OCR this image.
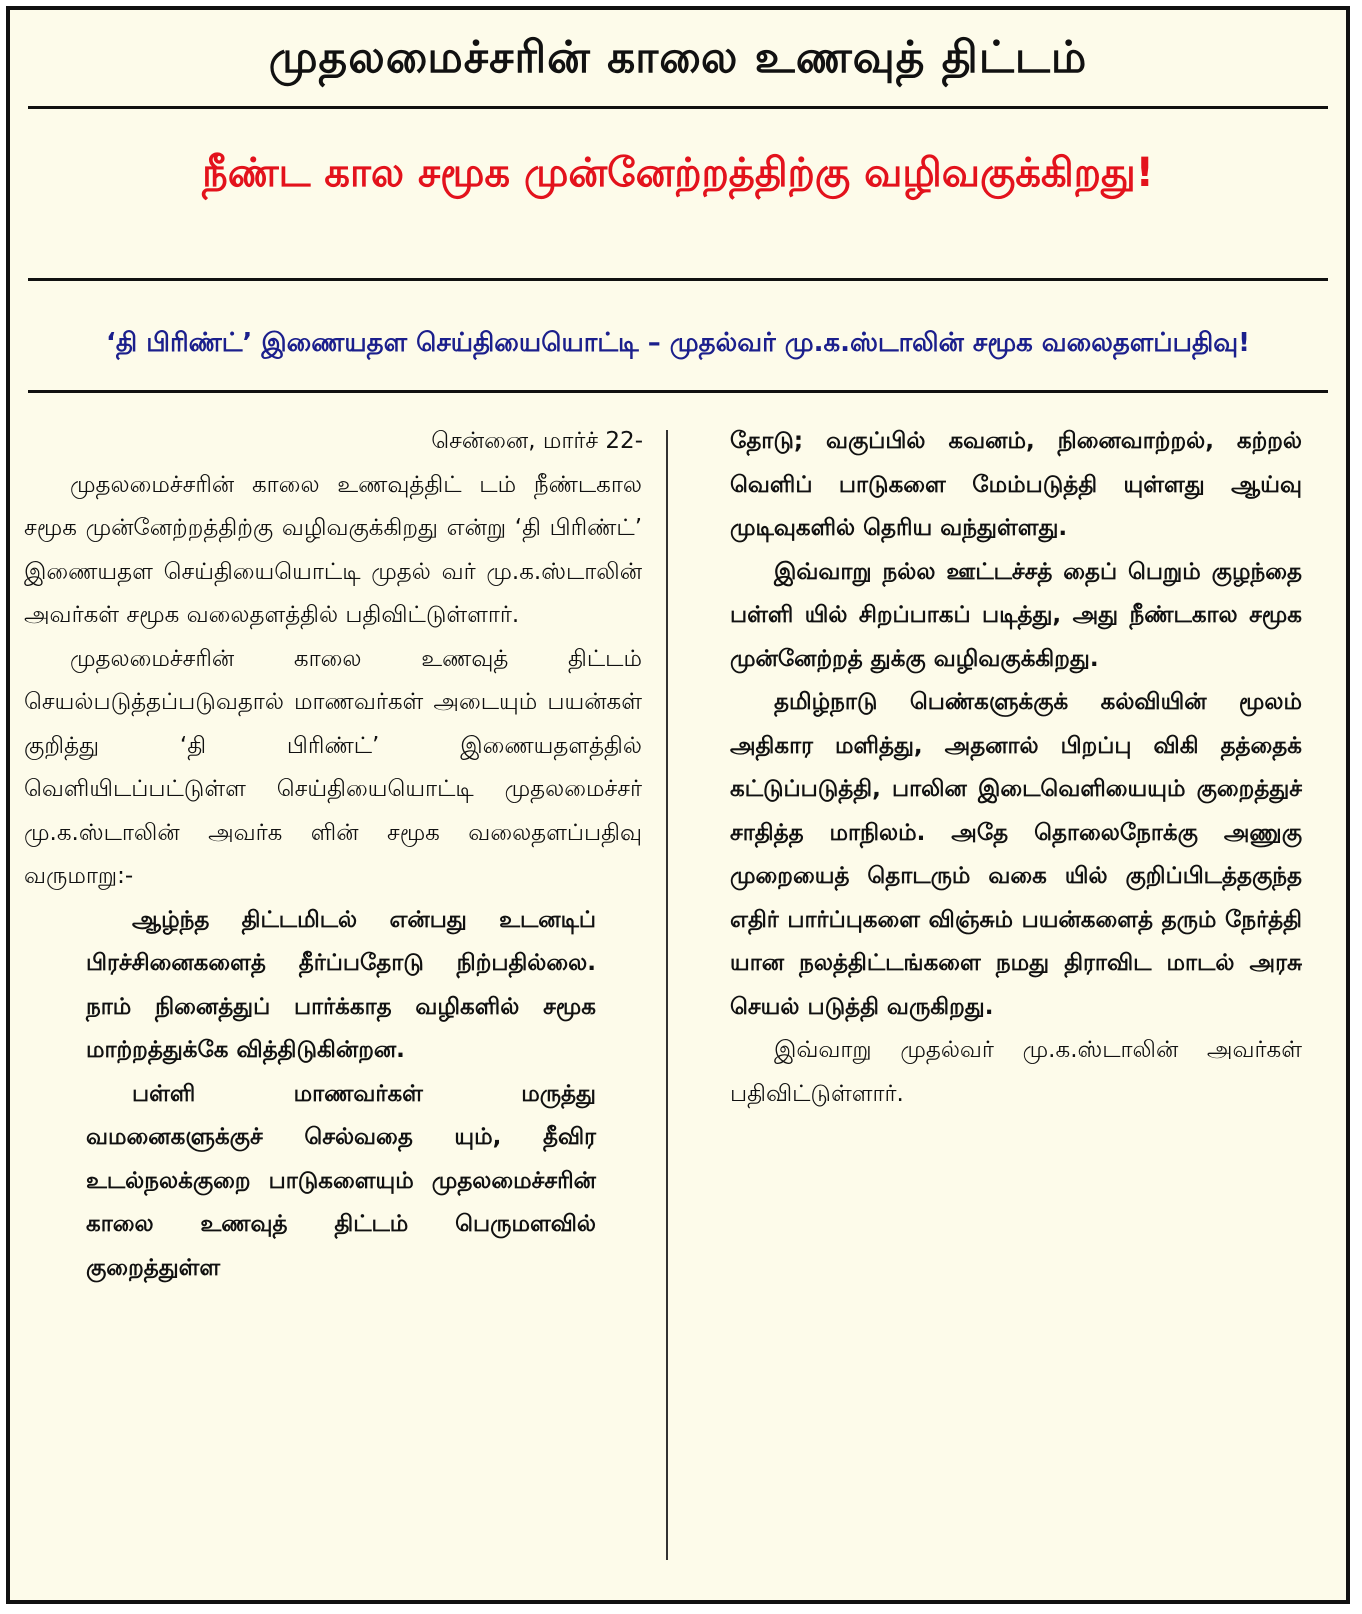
முதலமைச்சரின் காலை உணவுத் திட்டம்
நீண்ட கால சமூக முன்னேற்றத்திற்கு வழிவகுக்கிறது!
‘தி பிரிண்ட்’ இணையதள செய்தியையொட்டி – முதல்வர் மு.க.ஸ்டாலின் சமூக வலைதளப்பதிவு!

சென்னை, மார்ச் 22-

முதலமைச்சரின் காலை உணவுத்திட் டம் நீண்டகால சமூக முன்னேற்றத்திற்கு வழிவகுக்கிறது என்று ‘தி பிரிண்ட்’ இணையதள செய்தியையொட்டி முதல் வர் மு.க.ஸ்டாலின் அவர்கள் சமூக வலைதளத்தில் பதிவிட்டுள்ளார்.

முதலமைச்சரின் காலை உணவுத் திட்டம் செயல்படுத்தப்படுவதால் மாணவர்கள் அடையும் பயன்கள் குறித்து ‘தி பிரிண்ட்’ இணையதளத்தில் வெளியிடப்பட்டுள்ள செய்தியையொட்டி முதலமைச்சர் மு.க.ஸ்டாலின் அவர்க ளின் சமூக வலைதளப்பதிவு வருமாறு:-

ஆழ்ந்த திட்டமிடல் என்பது உடனடிப் பிரச்சினைகளைத் தீர்ப்பதோடு நிற்பதில்லை. நாம் நினைத்துப் பார்க்காத வழிகளில் சமூக மாற்றத்துக்கே வித்திடுகின்றன.

பள்ளி மாணவர்கள் மருத்து வமனைகளுக்குச் செல்வதை யும், தீவிர உடல்நலக்குறை பாடுகளையும் முதலமைச்சரின் காலை உணவுத் திட்டம் பெருமளவில் குறைத்துள்ள

தோடு; வகுப்பில் கவனம், நினைவாற்றல், கற்றல் வெளிப் பாடுகளை மேம்படுத்தி யுள்ளது ஆய்வு முடிவுகளில் தெரிய வந்துள்ளது.

இவ்வாறு நல்ல ஊட்டச்சத் தைப் பெறும் குழந்தை பள்ளி யில் சிறப்பாகப் படித்து, அது நீண்டகால சமூக முன்னேற்றத் துக்கு வழிவகுக்கிறது.

தமிழ்நாடு பெண்களுக்குக் கல்வியின் மூலம் அதிகார மளித்து, அதனால் பிறப்பு விகி தத்தைக் கட்டுப்படுத்தி, பாலின இடைவெளியையும் குறைத்துச் சாதித்த மாநிலம். அதே தொலைநோக்கு அணுகு முறையைத் தொடரும் வகை யில் குறிப்பிடத்தகுந்த எதிர் பார்ப்புகளை விஞ்சும் பயன்களைத் தரும் நேர்த்தி யான நலத்திட்டங்களை நமது திராவிட மாடல் அரசு செயல் படுத்தி வருகிறது.

இவ்வாறு முதல்வர் மு.க.ஸ்டாலின் அவர்கள் பதிவிட்டுள்ளார்.
